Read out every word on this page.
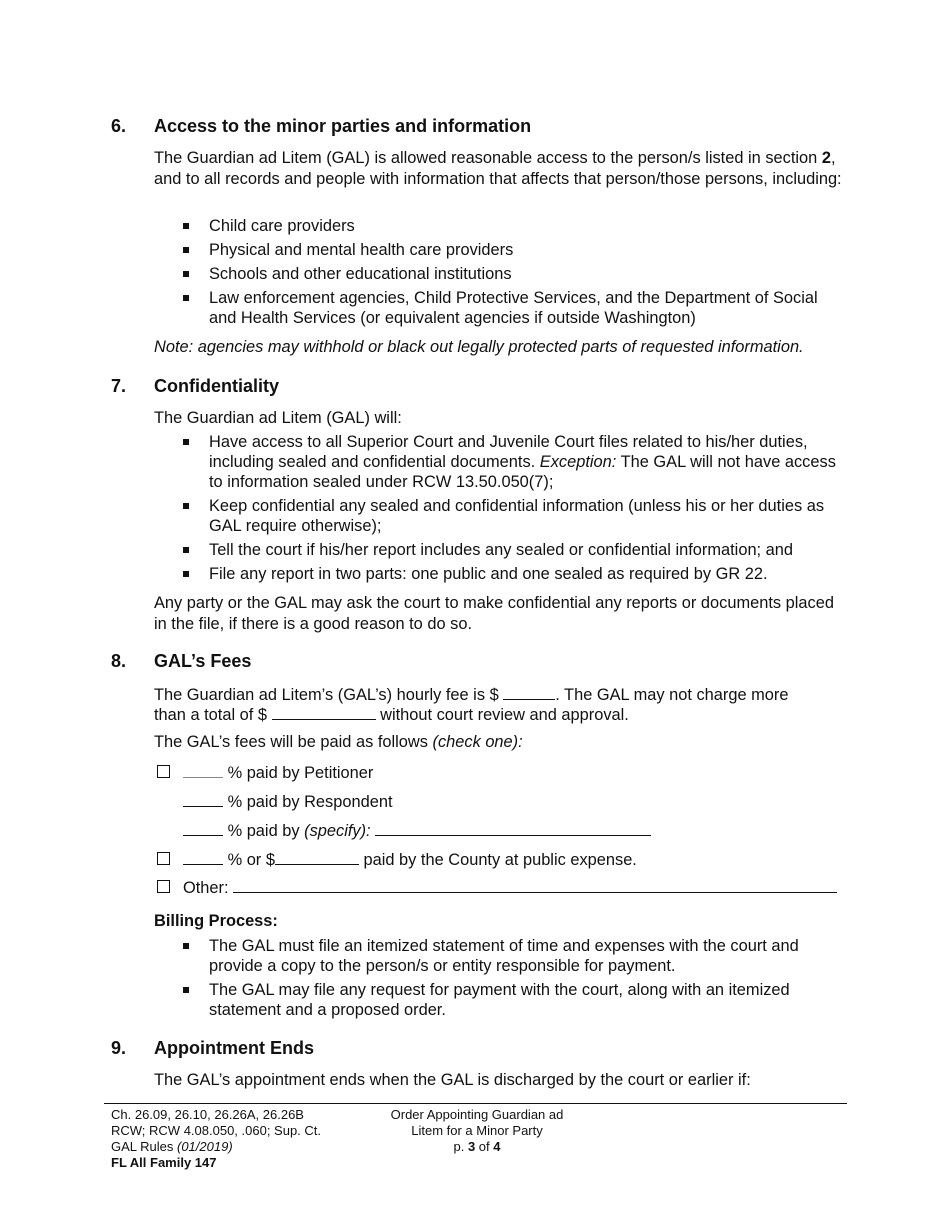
6. Access to the minor parties and information
The Guardian ad Litem (GAL) is allowed reasonable access to the person/s listed in section 2, and to all records and people with information that affects that person/those persons, including:
Child care providers
Physical and mental health care providers
Schools and other educational institutions
Law enforcement agencies, Child Protective Services, and the Department of Social and Health Services (or equivalent agencies if outside Washington)
Note: agencies may withhold or black out legally protected parts of requested information.
7. Confidentiality
The Guardian ad Litem (GAL) will:
Have access to all Superior Court and Juvenile Court files related to his/her duties, including sealed and confidential documents. Exception: The GAL will not have access to information sealed under RCW 13.50.050(7);
Keep confidential any sealed and confidential information (unless his or her duties as GAL require otherwise);
Tell the court if his/her report includes any sealed or confidential information; and
File any report in two parts: one public and one sealed as required by GR 22.
Any party or the GAL may ask the court to make confidential any reports or documents placed in the file, if there is a good reason to do so.
8. GAL’s Fees
The Guardian ad Litem’s (GAL’s) hourly fee is $	. The GAL may not charge more
than a total of $	without court review and approval.
The GAL’s fees will be paid as follows (check one):
% paid by Petitioner
% paid by Respondent
% paid by (specify):
% or $	paid by the County at public expense.
Other:
Billing Process:
The GAL must file an itemized statement of time and expenses with the court and provide a copy to the person/s or entity responsible for payment.
The GAL may file any request for payment with the court, along with an itemized statement and a proposed order.
9. Appointment Ends
The GAL’s appointment ends when the GAL is discharged by the court or earlier if:
Ch. 26.09, 26.10, 26.26A, 26.26B
RCW; RCW 4.08.050, .060; Sup. Ct.
GAL Rules (01/2019)
FL All Family 147
Order Appointing Guardian ad
Litem for a Minor Party
p. 3 of 4
